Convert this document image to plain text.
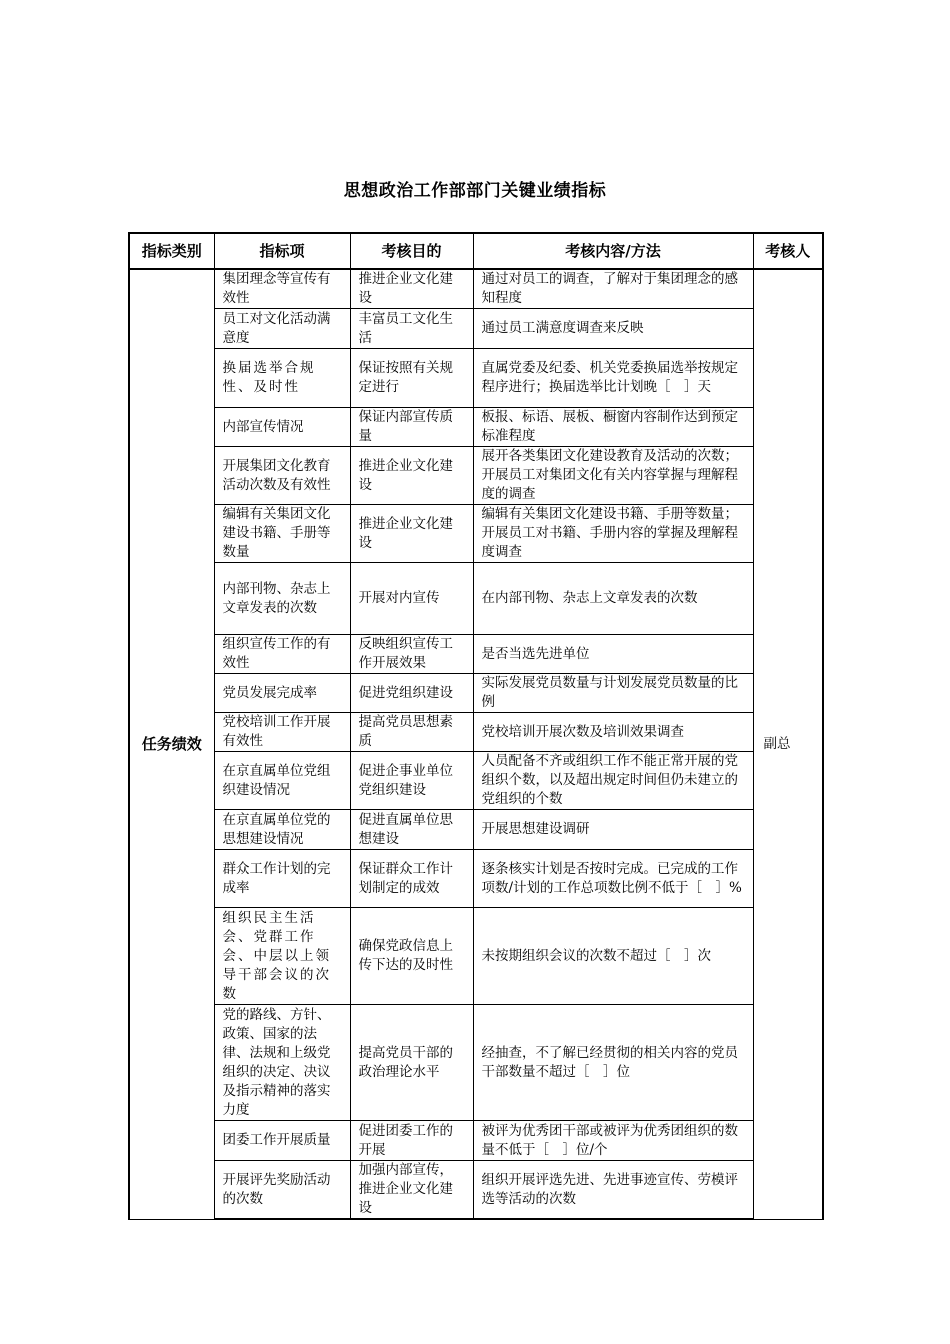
思想政治工作部部门关键业绩指标
指标类别	指标项	考核目的	考核内容/方法	考核人
任务绩效	集团理念等宣传有效性	推进企业文化建设	通过对员工的调查，了解对于集团理念的感知程度	副总
	员工对文化活动满意度	丰富员工文化生活	通过员工满意度调查来反映	
	换届选举合规性、及时性	保证按照有关规定进行	直属党委及纪委、机关党委换届选举按规定程序进行；换届选举比计划晚［　］天	
	内部宣传情况	保证内部宣传质量	板报、标语、展板、橱窗内容制作达到预定标准程度	
	开展集团文化教育活动次数及有效性	推进企业文化建设	展开各类集团文化建设教育及活动的次数；开展员工对集团文化有关内容掌握与理解程度的调查	
	编辑有关集团文化建设书籍、手册等数量	推进企业文化建设	编辑有关集团文化建设书籍、手册等数量；开展员工对书籍、手册内容的掌握及理解程度调查	
	内部刊物、杂志上文章发表的次数	开展对内宣传	在内部刊物、杂志上文章发表的次数	
	组织宣传工作的有效性	反映组织宣传工作开展效果	是否当选先进单位	
	党员发展完成率	促进党组织建设	实际发展党员数量与计划发展党员数量的比例	
	党校培训工作开展有效性	提高党员思想素质	党校培训开展次数及培训效果调查	
	在京直属单位党组织建设情况	促进企事业单位党组织建设	人员配备不齐或组织工作不能正常开展的党组织个数，以及超出规定时间但仍未建立的党组织的个数	
	在京直属单位党的思想建设情况	促进直属单位思想建设	开展思想建设调研	
	群众工作计划的完成率	保证群众工作计划制定的成效	逐条核实计划是否按时完成。已完成的工作项数/计划的工作总项数比例不低于［　］%	
	组织民主生活会、党群工作会、中层以上领导干部会议的次数	确保党政信息上传下达的及时性	未按期组织会议的次数不超过［　］次	
	党的路线、方针、政策、国家的法律、法规和上级党组织的决定、决议及指示精神的落实力度	提高党员干部的政治理论水平	经抽查，不了解已经贯彻的相关内容的党员干部数量不超过［　］位	
	团委工作开展质量	促进团委工作的开展	被评为优秀团干部或被评为优秀团组织的数量不低于［　］位/个	
	开展评先奖励活动的次数	加强内部宣传，推进企业文化建设	组织开展评选先进、先进事迹宣传、劳模评选等活动的次数	
